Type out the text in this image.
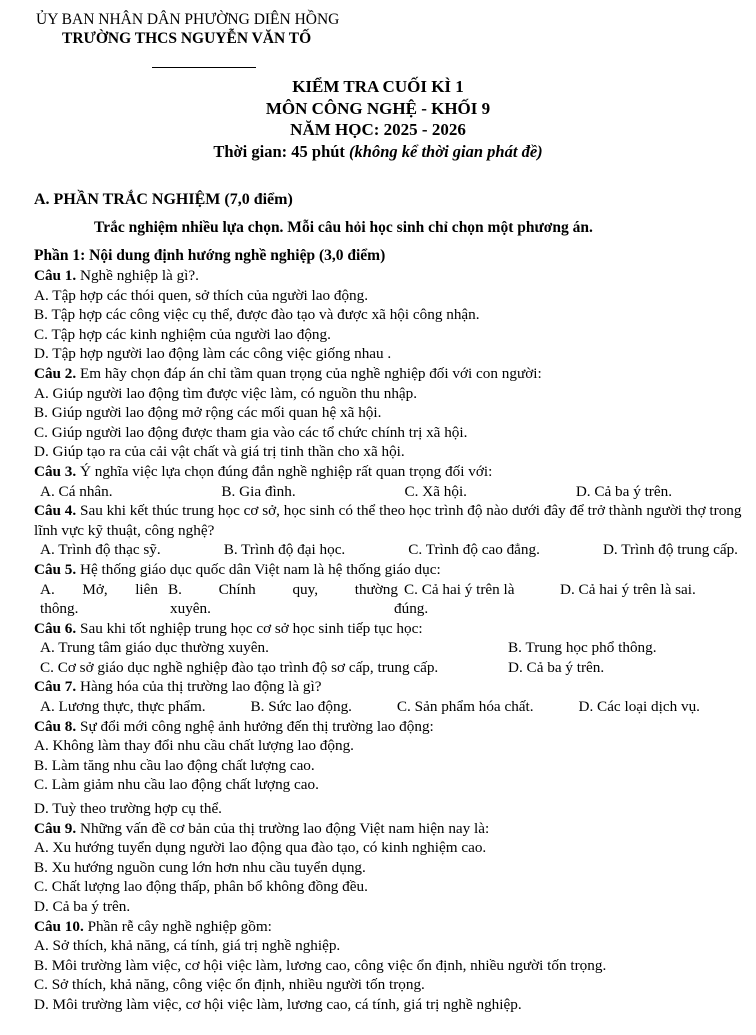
ỦY BAN NHÂN DÂN PHƯỜNG DIÊN HỒNG
TRƯỜNG THCS NGUYỄN VĂN TỐ
KIỂM TRA CUỐI KÌ 1
MÔN CÔNG NGHỆ - KHỐI 9
NĂM HỌC: 2025 - 2026
Thời gian: 45 phút (không kể thời gian phát đề)
A. PHẦN TRẮC NGHIỆM (7,0 điểm)
Trắc nghiệm nhiều lựa chọn. Mỗi câu hỏi học sinh chỉ chọn một phương án.
Phần 1: Nội dung định hướng nghề nghiệp (3,0 điểm)
Câu 1. Nghề nghiệp là gì?.
A. Tập hợp các thói quen, sở thích của người lao động.
B. Tập hợp các công việc cụ thể, được đào tạo và được xã hội công nhận.
C. Tập hợp các kinh nghiệm của người lao động.
D. Tập hợp người lao động làm các công việc giống nhau .
Câu 2. Em hãy chọn đáp án chỉ tầm quan trọng của nghề nghiệp đối với con người:
A. Giúp người lao động tìm được việc làm, có nguồn thu nhập.
B. Giúp người lao động mở rộng các mối quan hệ xã hội.
C. Giúp người lao động được tham gia vào các tổ chức chính trị xã hội.
D. Giúp tạo ra của cải vật chất và giá trị tinh thần cho xã hội.
Câu 3. Ý nghĩa việc lựa chọn đúng đắn nghề nghiệp rất quan trọng đối với:
A. Cá nhân.	B. Gia đình.	C. Xã hội.	D. Cả ba ý trên.
Câu 4. Sau khi kết thúc trung học cơ sở, học sinh có thể theo học trình độ nào dưới đây để trở thành người thợ trong lĩnh vực kỹ thuật, công nghệ?
A. Trình độ thạc sỹ.	B. Trình độ đại học.	C. Trình độ cao đẳng.	D. Trình độ trung cấp.
Câu 5. Hệ thống giáo dục quốc dân Việt nam là hệ thống giáo dục:
A. Mở, liên B. Chính quy, thường C. Cả hai ý trên là	D. Cả hai ý trên là sai.
thông.	xuyên.	đúng.
Câu 6. Sau khi tốt nghiệp trung học cơ sở học sinh tiếp tục học:
A. Trung tâm giáo dục thường xuyên.	B. Trung học phổ thông.
C. Cơ sở giáo dục nghề nghiệp đào tạo trình độ sơ cấp, trung cấp.	D. Cả ba ý trên.
Câu 7. Hàng hóa của thị trường lao động là gì?
A. Lương thực, thực phẩm.	B. Sức lao động.	C. Sản phẩm hóa chất.	D. Các loại dịch vụ.
Câu 8. Sự đổi mới công nghệ ảnh hưởng đến thị trường lao động:
A. Không làm thay đổi nhu cầu chất lượng lao động.
B. Làm tăng nhu cầu lao động chất lượng cao.
C. Làm giảm nhu cầu lao động chất lượng cao.
D. Tuỳ theo trường hợp cụ thể.
Câu 9. Những vấn đề cơ bản của thị trường lao động Việt nam hiện nay là:
A. Xu hướng tuyển dụng người lao động qua đào tạo, có kinh nghiệm cao.
B. Xu hướng nguồn cung lớn hơn nhu cầu tuyển dụng.
C. Chất lượng lao động thấp, phân bổ không đồng đều.
D. Cả ba ý trên.
Câu 10. Phần rễ cây nghề nghiệp gồm:
A. Sở thích, khả năng, cá tính, giá trị nghề nghiệp.
B. Môi trường làm việc, cơ hội việc làm, lương cao, công việc ổn định, nhiều người tốn trọng.
C. Sở thích, khả năng, công việc ổn định, nhiều người tốn trọng.
D. Môi trường làm việc, cơ hội việc làm, lương cao, cá tính, giá trị nghề nghiệp.
